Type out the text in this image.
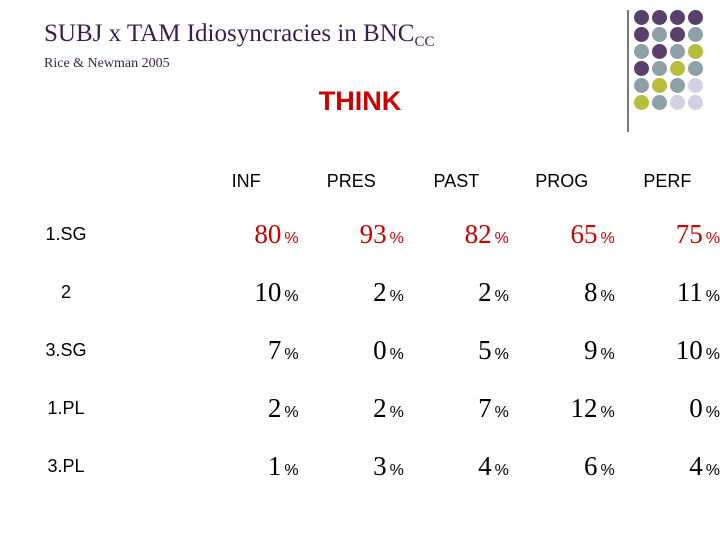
SUBJ x TAM Idiosyncracies in $BNC_{CC}$
Rice & Newman 2005
THINK
	INF	PRES	PAST	PROG	PERF
1.SG	80 %	93 %	82 %	65 %	75 %
2	10 %	2 %	2 %	8 %	11 %
3.SG	7 %	0 %	5 %	9 %	10 %
1.PL	2 %	2 %	7 %	12 %	0 %
3.PL	1 %	3 %	4 %	6 %	4 %
